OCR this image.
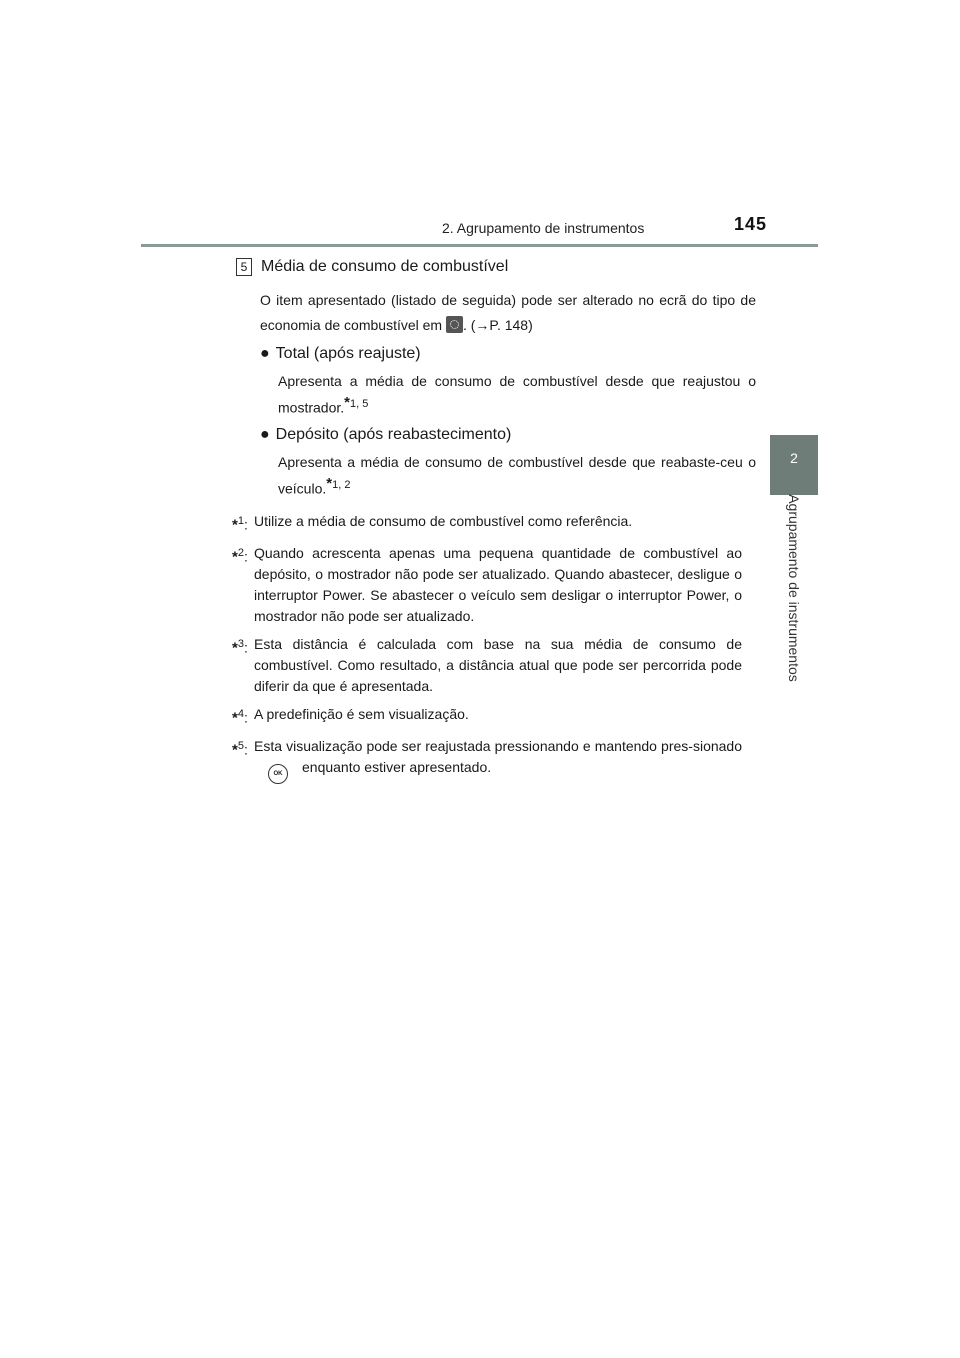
2. Agrupamento de instrumentos	145
2
Agrupamento de instrumentos
5 Média de consumo de combustível
O item apresentado (listado de seguida) pode ser alterado no ecrã do tipo de economia de combustível em . (→P. 148)
● Total (após reajuste)
Apresenta a média de consumo de combustível desde que reajustou o mostrador.$^{*1, 5}$
● Depósito (após reabastecimento)
Apresenta a média de consumo de combustível desde que reabaste-ceu o veículo.$^{*1, 2}$
*$^1$: Utilize a média de consumo de combustível como referência.
*$^2$: Quando acrescenta apenas uma pequena quantidade de combustível ao depósito, o mostrador não pode ser atualizado. Quando abastecer, desligue o interruptor Power. Se abastecer o veículo sem desligar o interruptor Power, o mostrador não pode ser atualizado.
*$^3$: Esta distância é calculada com base na sua média de consumo de combustível. Como resultado, a distância atual que pode ser percorrida pode diferir da que é apresentada.
*$^4$: A predefinição é sem visualização.
*$^5$: Esta visualização pode ser reajustada pressionando e mantendo pres-sionadoOK enquanto estiver apresentado.
